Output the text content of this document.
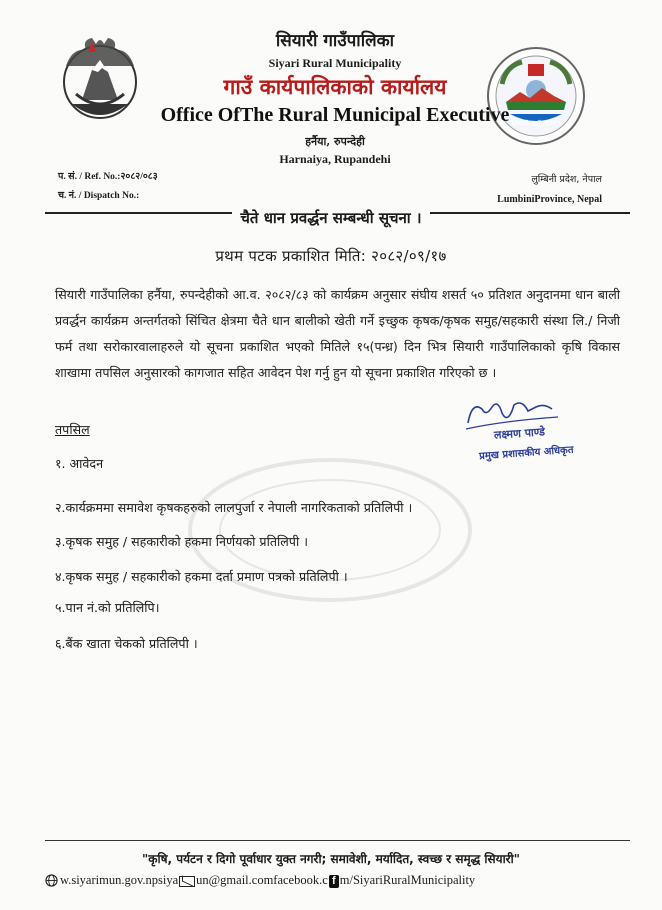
सियारी गाउँपालिका
सियारी गाउँपालिका
Siyari Rural Municipality
गाउँ कार्यपालिकाको कार्यालय
Office OfThe Rural Municipal Executive
हर्नैया, रुपन्देही
Harnaiya, Rupandehi
प. सं. / Ref. No.:२०८२/०८३
च. नं. / Dispatch No.:
लुम्बिनी प्रदेश, नेपाल
LumbiniProvince, Nepal
चैते धान प्रवर्द्धन सम्बन्धी सूचना ।
प्रथम पटक प्रकाशित मिति: २०८२/०९/१७

सियारी गाउँपालिका हर्नैया, रुपन्देहीको आ.व. २०८२/८३ को कार्यक्रम अनुसार संघीय शसर्त ५० प्रतिशत अनुदानमा धान बाली प्रवर्द्धन कार्यक्रम अन्तर्गतको सिंचित क्षेत्रमा चैते धान बालीको खेती गर्ने इच्छुक कृषक/कृषक समुह/सहकारी संस्था लि./ निजी फर्म तथा सरोकारवालाहरुले यो सूचना प्रकाशित भएको मितिले १५(पन्ध्र) दिन भित्र सियारी गाउँपालिकाको कृषि विकास शाखामा तपसिल अनुसारको कागजात सहित आवेदन पेश गर्नु हुन यो सूचना प्रकाशित गरिएको छ ।

तपसिल	लक्ष्मण पाण्डे
प्रमुख प्रशासकीय अधिकृत
१. आवेदन
२.कार्यक्रममा समावेश कृषकहरुको लालपुर्जा र नेपाली नागरिकताको प्रतिलिपी ।
३.कृषक समुह / सहकारीको हकमा निर्णयको प्रतिलिपी ।
४.कृषक समुह / सहकारीको हकमा दर्ता प्रमाण पत्रको प्रतिलिपी ।
५.पान नं.को प्रतिलिपि।
६.बैंक खाता चेकको प्रतिलिपी ।
"कृषि, पर्यटन र दिगो पूर्वाधार युक्त नगरी; समावेशी, मर्यादित, स्वच्छ र समृद्ध सियारी"
w.siyarimun.gov.np siya un@gmail.com facebook.c f m/SiyariRuralMunicipality
